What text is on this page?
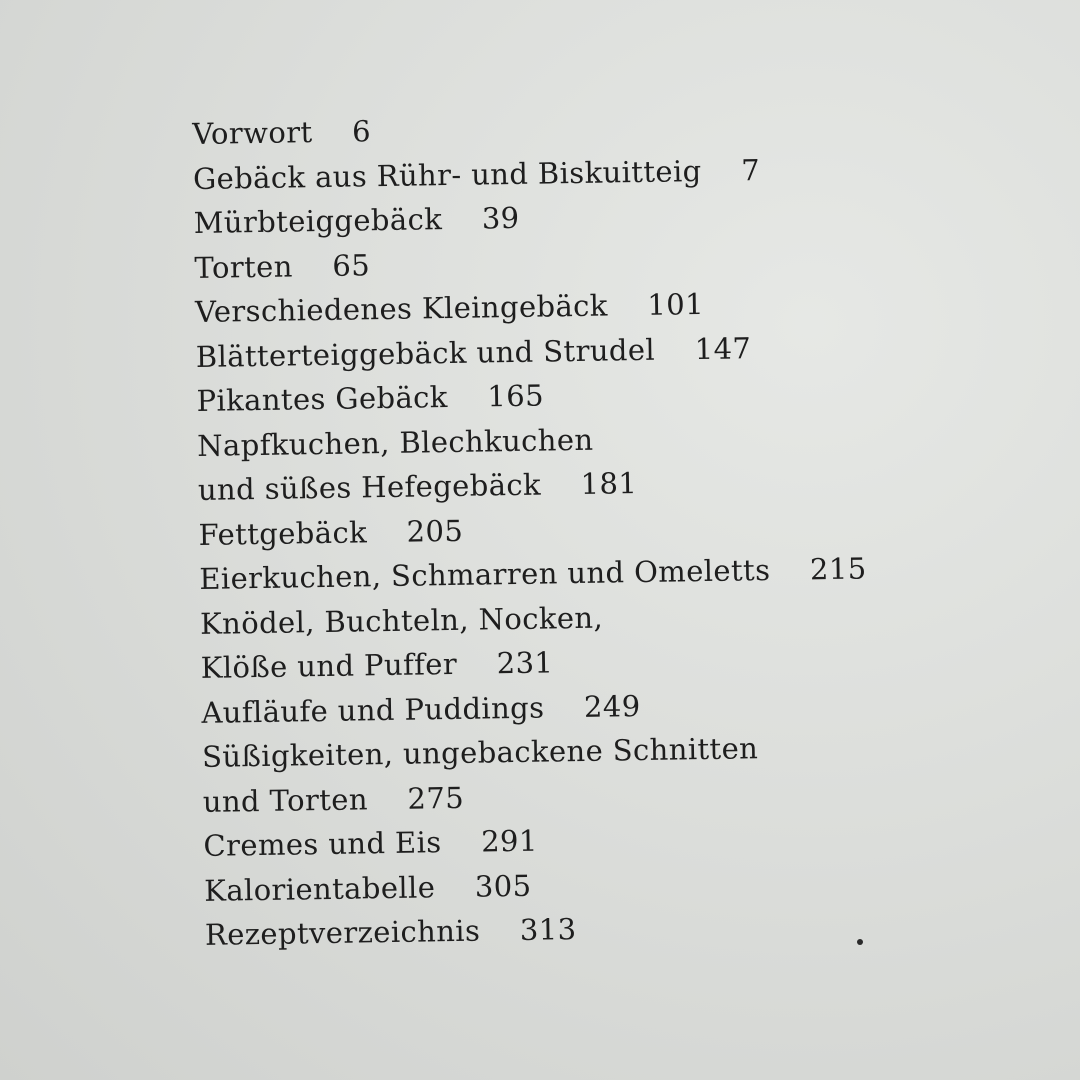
Vorwort 6
Gebäck aus Rühr- und Biskuitteig 7
Mürbteiggebäck 39
Torten 65
Verschiedenes Kleingebäck 101
Blätterteiggebäck und Strudel 147
Pikantes Gebäck 165
Napfkuchen, Blechkuchen
und süßes Hefegebäck 181
Fettgebäck 205
Eierkuchen, Schmarren und Omeletts 215
Knödel, Buchteln, Nocken,
Klöße und Puffer 231
Aufläufe und Puddings 249
Süßigkeiten, ungebackene Schnitten
und Torten 275
Cremes und Eis 291
Kalorientabelle 305
Rezeptverzeichnis 313
